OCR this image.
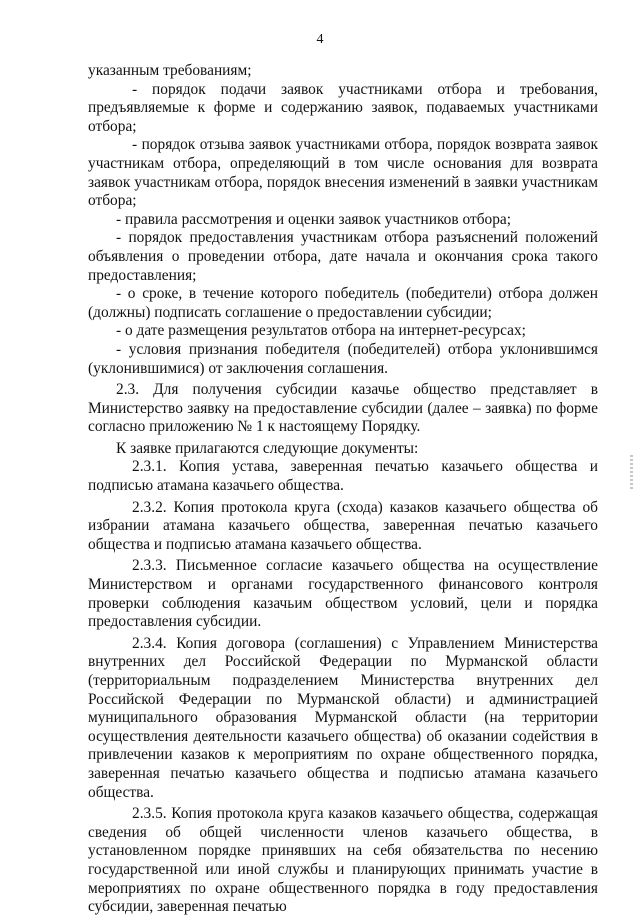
4

указанным требованиям;

- порядок подачи заявок участниками отбора и требования, предъявляемые к форме и содержанию заявок, подаваемых участниками отбора;

- порядок отзыва заявок участниками отбора, порядок возврата заявок участникам отбора, определяющий в том числе основания для возврата заявок участникам отбора, порядок внесения изменений в заявки участникам отбора;

- правила рассмотрения и оценки заявок участников отбора;

- порядок предоставления участникам отбора разъяснений положений объявления о проведении отбора, дате начала и окончания срока такого предоставления;

- о сроке, в течение которого победитель (победители) отбора должен (должны) подписать соглашение о предоставлении субсидии;

- о дате размещения результатов отбора на интернет-ресурсах;

- условия признания победителя (победителей) отбора уклонившимся (уклонившимися) от заключения соглашения.

2.3. Для получения субсидии казачье общество представляет в Министерство заявку на предоставление субсидии (далее – заявка) по форме согласно приложению № 1 к настоящему Порядку.

К заявке прилагаются следующие документы:

2.3.1. Копия устава, заверенная печатью казачьего общества и подписью атамана казачьего общества.

2.3.2. Копия протокола круга (схода) казаков казачьего общества об избрании атамана казачьего общества, заверенная печатью казачьего общества и подписью атамана казачьего общества.

2.3.3. Письменное согласие казачьего общества на осуществление Министерством и органами государственного финансового контроля проверки соблюдения казачьим обществом условий, цели и порядка предоставления субсидии.

2.3.4. Копия договора (соглашения) с Управлением Министерства внутренних дел Российской Федерации по Мурманской области (территориальным подразделением Министерства внутренних дел Российской Федерации по Мурманской области) и администрацией муниципального образования Мурманской области (на территории осуществления деятельности казачьего общества) об оказании содействия в привлечении казаков к мероприятиям по охране общественного порядка, заверенная печатью казачьего общества и подписью атамана казачьего общества.

2.3.5. Копия протокола круга казаков казачьего общества, содержащая сведения об общей численности членов казачьего общества, в установленном порядке принявших на себя обязательства по несению государственной или иной службы и планирующих принимать участие в мероприятиях по охране общественного порядка в году предоставления субсидии, заверенная печатью
